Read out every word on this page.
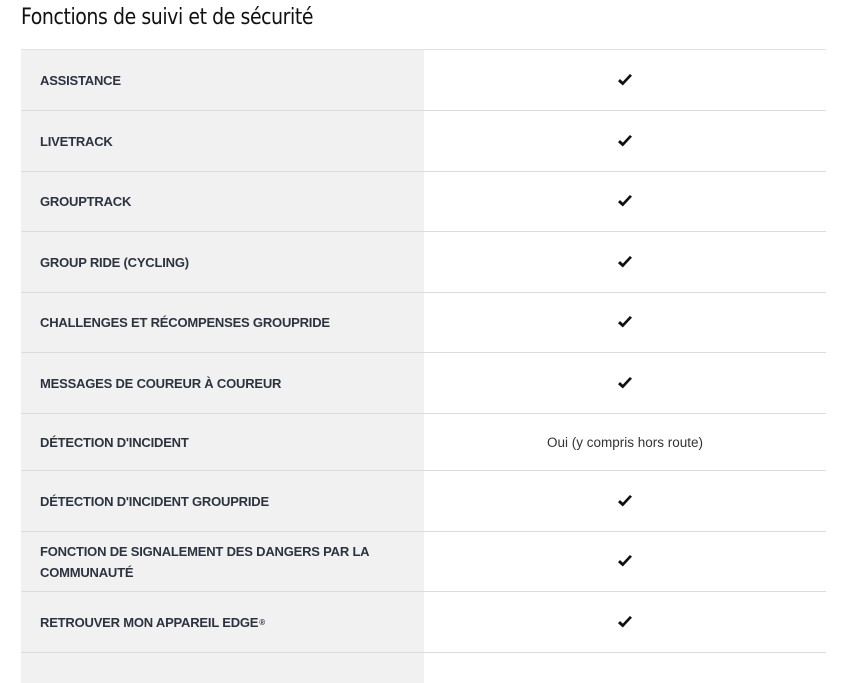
Fonctions de suivi et de sécurité
ASSISTANCE
LIVETRACK
GROUPTRACK
GROUP RIDE (CYCLING)
CHALLENGES ET RÉCOMPENSES GROUPRIDE
MESSAGES DE COUREUR À COUREUR
DÉTECTION D'INCIDENT	Oui (y compris hors route)
DÉTECTION D'INCIDENT GROUPRIDE
FONCTION DE SIGNALEMENT DES DANGERS PAR LA COMMUNAUTÉ
RETROUVER MON APPAREIL EDGE ®
